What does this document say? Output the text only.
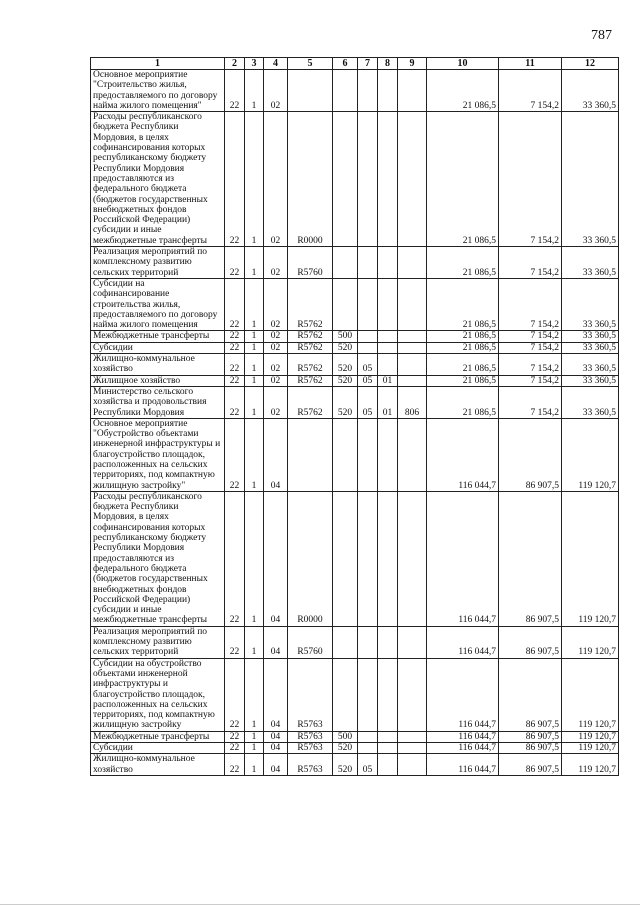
787
1	2	3	4	5	6	7	8	9	10	11	12
Основное мероприятие "Строительство жилья, предоставляемого по договору найма жилого помещения"	22	1	02						21 086,5	7 154,2	33 360,5
Расходы республиканского бюджета Республики Мордовия, в целях софинансирования которых республиканскому бюджету Республики Мордовия предоставляются из федерального бюджета (бюджетов государственных внебюджетных фондов Российской Федерации) субсидии и иные межбюджетные трансферты	22	1	02	R0000					21 086,5	7 154,2	33 360,5
Реализация мероприятий по комплексному развитию сельских территорий	22	1	02	R5760					21 086,5	7 154,2	33 360,5
Субсидии на софинансирование строительства жилья, предоставляемого по договору найма жилого помещения	22	1	02	R5762					21 086,5	7 154,2	33 360,5
Межбюджетные трансферты	22	1	02	R5762	500				21 086,5	7 154,2	33 360,5
Субсидии	22	1	02	R5762	520				21 086,5	7 154,2	33 360,5
Жилищно-коммунальное хозяйство	22	1	02	R5762	520	05			21 086,5	7 154,2	33 360,5
Жилищное хозяйство	22	1	02	R5762	520	05	01		21 086,5	7 154,2	33 360,5
Министерство сельского хозяйства и продовольствия Республики Мордовия	22	1	02	R5762	520	05	01	806	21 086,5	7 154,2	33 360,5
Основное мероприятие "Обустройство объектами инженерной инфраструктуры и благоустройство площадок, расположенных на сельских территориях, под компактную жилищную застройку"	22	1	04						116 044,7	86 907,5	119 120,7
Расходы республиканского бюджета Республики Мордовия, в целях софинансирования которых республиканскому бюджету Республики Мордовия предоставляются из федерального бюджета (бюджетов государственных внебюджетных фондов Российской Федерации) субсидии и иные межбюджетные трансферты	22	1	04	R0000					116 044,7	86 907,5	119 120,7
Реализация мероприятий по комплексному развитию сельских территорий	22	1	04	R5760					116 044,7	86 907,5	119 120,7
Субсидии на обустройство объектами инженерной инфраструктуры и благоустройство площадок, расположенных на сельских территориях, под компактную жилищную застройку	22	1	04	R5763					116 044,7	86 907,5	119 120,7
Межбюджетные трансферты	22	1	04	R5763	500				116 044,7	86 907,5	119 120,7
Субсидии	22	1	04	R5763	520				116 044,7	86 907,5	119 120,7
Жилищно-коммунальное хозяйство	22	1	04	R5763	520	05			116 044,7	86 907,5	119 120,7
